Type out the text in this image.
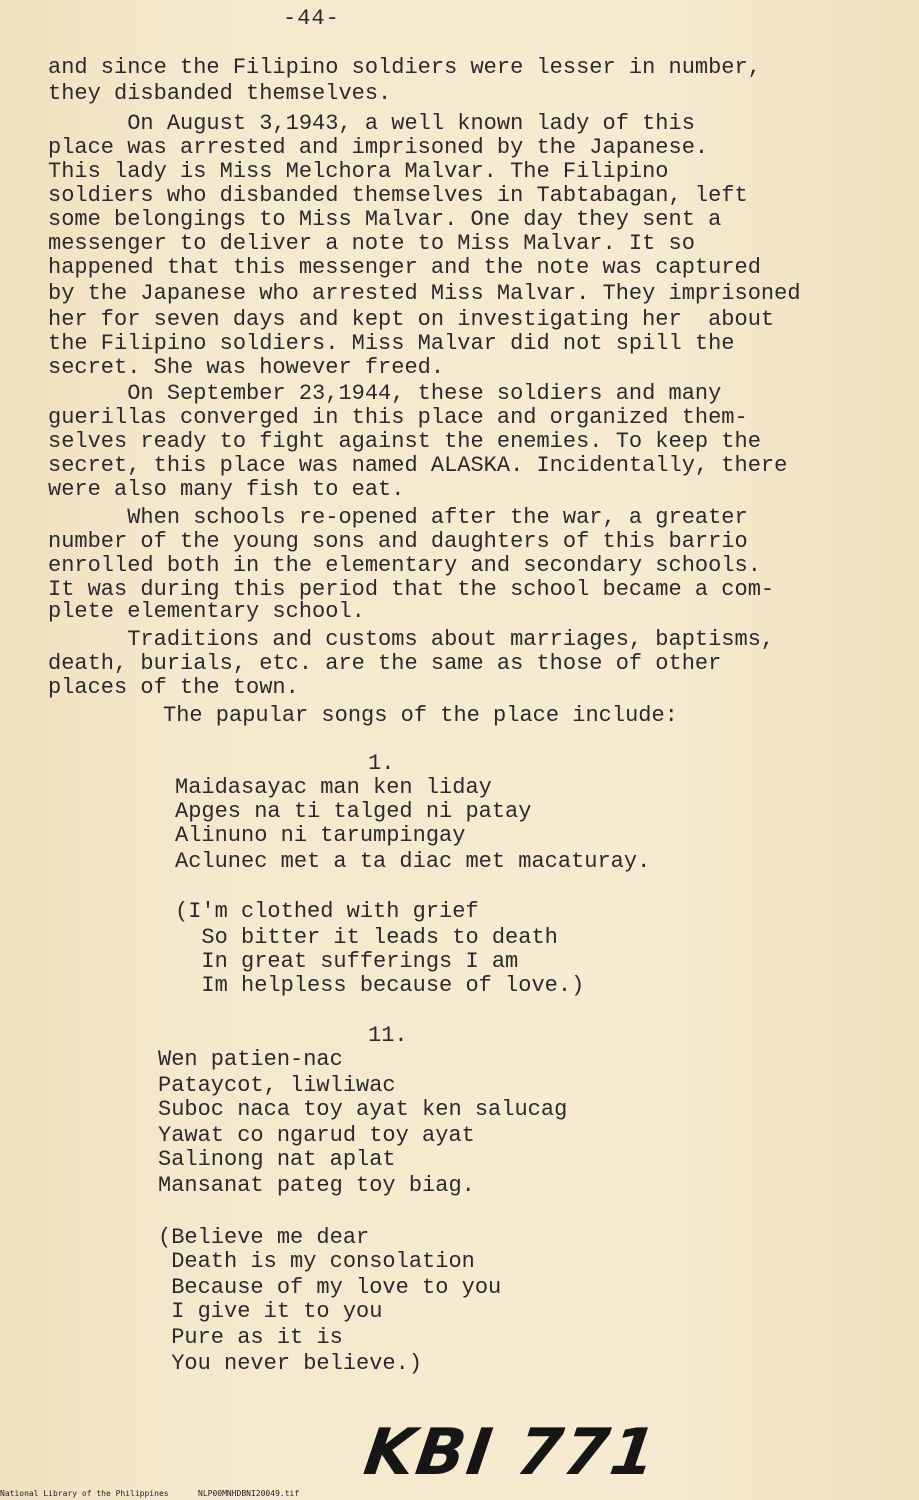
-44-
and since the Filipino soldiers were lesser in number,
they disbanded themselves.
On August 3,1943, a well known lady of this
place was arrested and imprisoned by the Japanese.
This lady is Miss Melchora Malvar. The Filipino
soldiers who disbanded themselves in Tabtabagan, left
some belongings to Miss Malvar. One day they sent a
messenger to deliver a note to Miss Malvar. It so
happened that this messenger and the note was captured
by the Japanese who arrested Miss Malvar. They imprisoned
her for seven days and kept on investigating her  about
the Filipino soldiers. Miss Malvar did not spill the
secret. She was however freed.
On September 23,1944, these soldiers and many
guerillas converged in this place and organized them-
selves ready to fight against the enemies. To keep the
secret, this place was named ALASKA. Incidentally, there
were also many fish to eat.
When schools re-opened after the war, a greater
number of the young sons and daughters of this barrio
enrolled both in the elementary and secondary schools.
It was during this period that the school became a com-
plete elementary school.
Traditions and customs about marriages, baptisms,
death, burials, etc. are the same as those of other
places of the town.
The papular songs of the place include:
1.
Maidasayac man ken liday
Apges na ti talged ni patay
Alinuno ni tarumpingay
Aclunec met a ta diac met macaturay.
(I'm clothed with grief
So bitter it leads to death
In great sufferings I am
Im helpless because of love.)
11.
Wen patien-nac
Pataycot, liwliwac
Suboc naca toy ayat ken salucag
Yawat co ngarud toy ayat
Salinong nat aplat
Mansanat pateg toy biag.
(Believe me dear
Death is my consolation
Because of my love to you
I give it to you
Pure as it is
You never believe.)
KBI 771
National Library of the Philippines	NLP00MNHDBNI20049.tif
